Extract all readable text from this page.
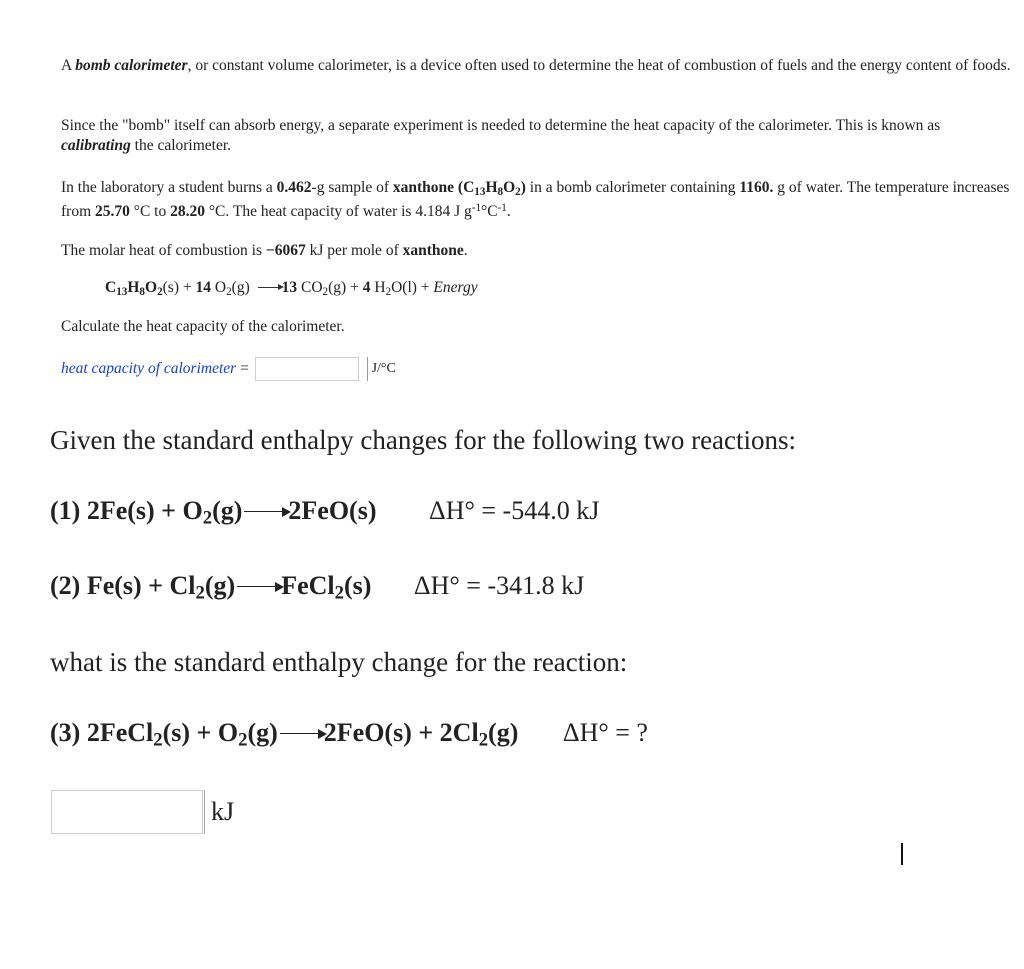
A bomb calorimeter, or constant volume calorimeter, is a device often used to determine the heat of combustion of fuels and the energy content of foods.
Since the "bomb" itself can absorb energy, a separate experiment is needed to determine the heat capacity of the calorimeter. This is known as calibrating the calorimeter.
In the laboratory a student burns a 0.462-g sample of xanthone $(C_{13}H_8O_2)$ in a bomb calorimeter containing 1160. g of water. The temperature increases from 25.70 °C to 28.20 °C. The heat capacity of water is 4.184 J $g^{-1}^\circ C^{-1}$.
The molar heat of combustion is −6067 kJ per mole of xanthone.
$C_{13}H_8O_2(s) + 14$ $O_2(g)$ 13 $CO_2(g) + 4$ $H_2O(l)$ + Energy
Calculate the heat capacity of the calorimeter.
heat capacity of calorimeter =	J/°C
Given the standard enthalpy changes for the following two reactions:
(1) $2Fe(s) + O_2(g)$ 2FeO(s) ΔH° = -544.0 kJ
(2) $Fe(s) + Cl_2(g)$ FeCl$_2$(s) ΔH° = -341.8 kJ
what is the standard enthalpy change for the reaction:
(3) 2FeCl$_2$(s) + $O_2(g) 2FeO(s) + 2Cl_2(g) \Delta H^\circ$ = ?
kJ
